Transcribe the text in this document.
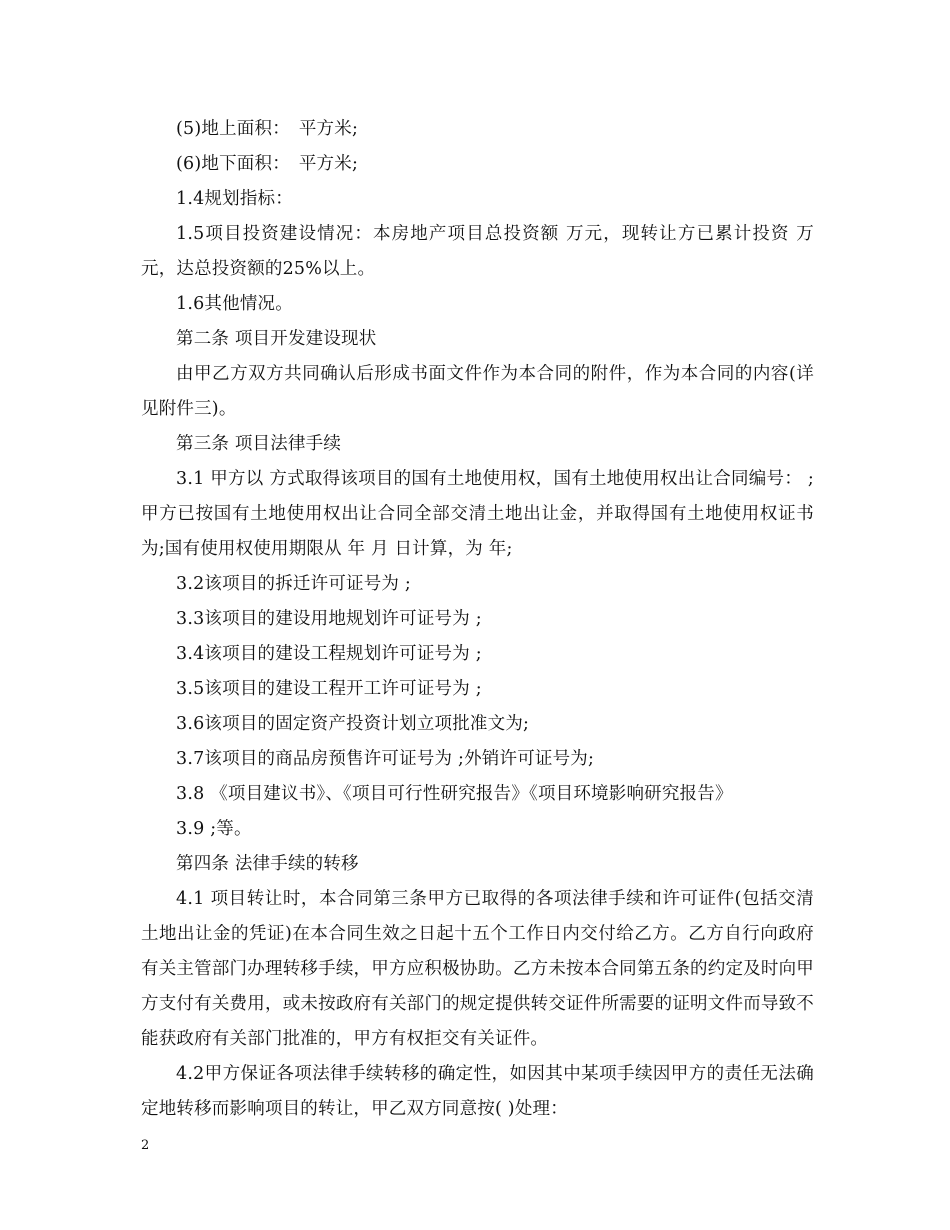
(5)地上面积：　平方米;

(6)地下面积：　平方米;

1.4规划指标：

1.5项目投资建设情况：本房地产项目总投资额 万元，现转让方已累计投资 万元，达总投资额的25%以上。

1.6其他情况。

第二条 项目开发建设现状

由甲乙方双方共同确认后形成书面文件作为本合同的附件，作为本合同的内容(详见附件三)。

第三条 项目法律手续

3.1 甲方以 方式取得该项目的国有土地使用权，国有土地使用权出让合同编号： ;甲方已按国有土地使用权出让合同全部交清土地出让金，并取得国有土地使用权证书为;国有使用权使用期限从 年 月 日计算，为 年;

3.2该项目的拆迁许可证号为 ;

3.3该项目的建设用地规划许可证号为 ;

3.4该项目的建设工程规划许可证号为 ;

3.5该项目的建设工程开工许可证号为 ;

3.6该项目的固定资产投资计划立项批准文为;

3.7该项目的商品房预售许可证号为 ;外销许可证号为;

3.8 《项目建议书》、《项目可行性研究报告》《项目环境影响研究报告》

3.9 ;等。

第四条 法律手续的转移

4.1 项目转让时，本合同第三条甲方已取得的各项法律手续和许可证件(包括交清土地出让金的凭证)在本合同生效之日起十五个工作日内交付给乙方。乙方自行向政府有关主管部门办理转移手续，甲方应积极协助。乙方未按本合同第五条的约定及时向甲方支付有关费用，或未按政府有关部门的规定提供转交证件所需要的证明文件而导致不能获政府有关部门批准的，甲方有权拒交有关证件。

4.2甲方保证各项法律手续转移的确定性，如因其中某项手续因甲方的责任无法确定地转移而影响项目的转让，甲乙双方同意按( )处理：

2
